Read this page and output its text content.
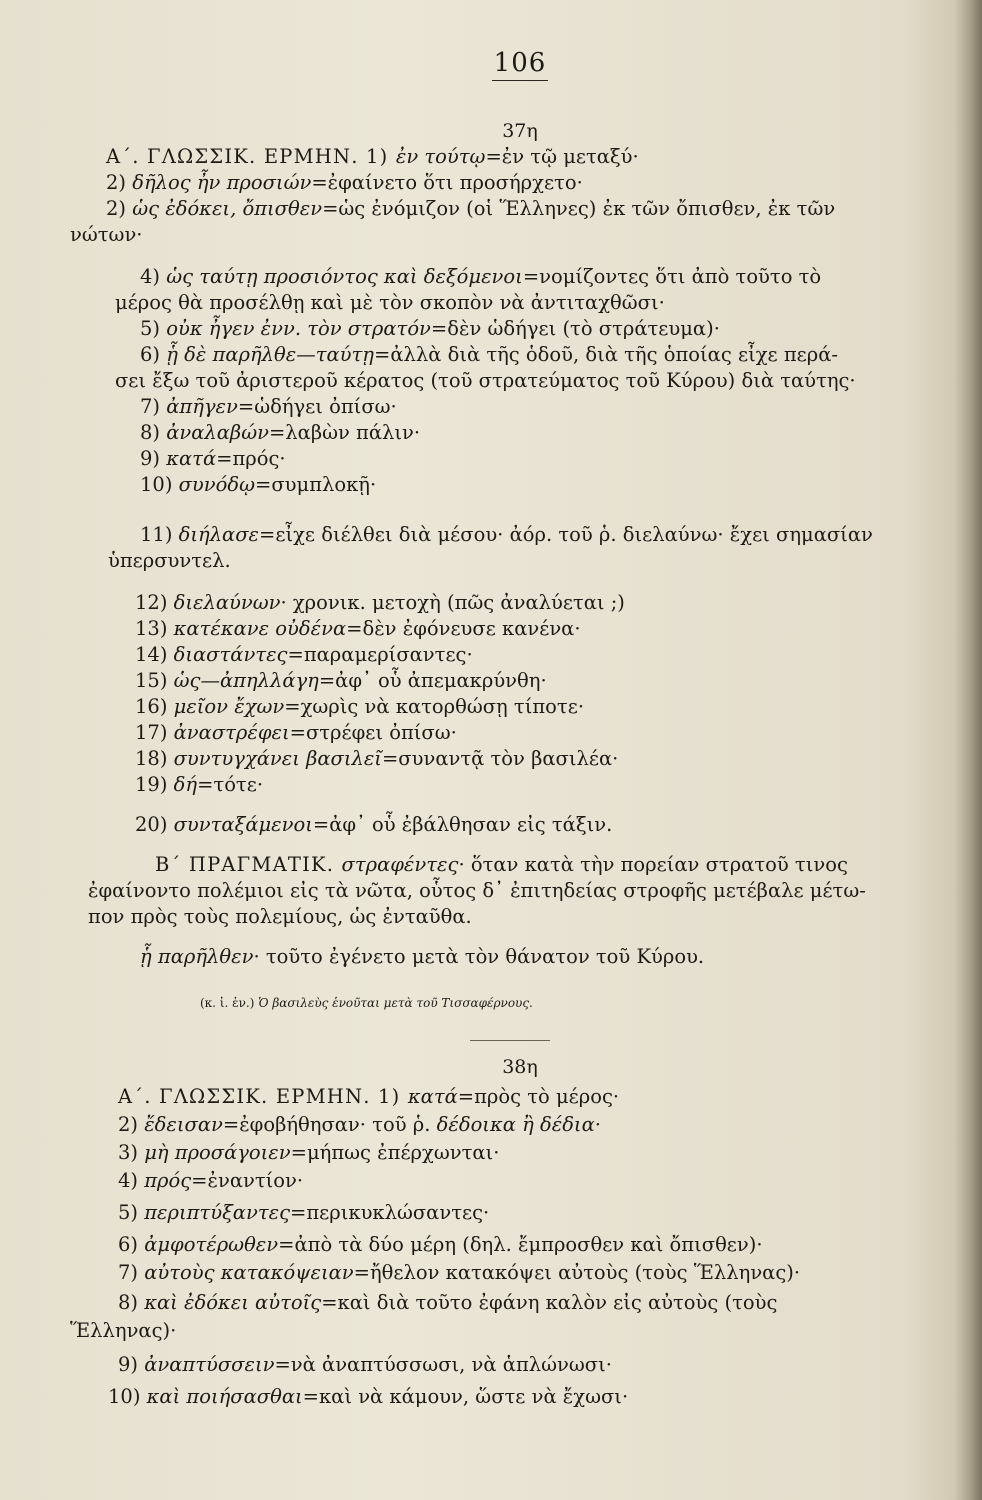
106
37η
Α΄. ΓΛΩΣΣΙΚ. ΕΡΜΗΝ. 1) ἐν τούτῳ=ἐν τῷ μεταξύ·
2) δῆλος ἦν προσιών=ἐφαίνετο ὅτι προσήρχετο·
2) ὡς ἐδόκει, ὄπισθεν=ὡς ἐνόμιζον (οἱ Ἕλληνες) ἐκ τῶν ὄπισθεν, ἐκ τῶν
νώτων·
4) ὡς ταύτῃ προσιόντος καὶ δεξόμενοι=νομίζοντες ὅτι ἀπὸ τοῦτο τὸ
μέρος θὰ προσέλθῃ καὶ μὲ τὸν σκοπὸν νὰ ἀντιταχθῶσι·
5) οὐκ ἦγεν ἐνν. τὸν στρατόν=δὲν ὡδήγει (τὸ στράτευμα)·
6) ᾗ δὲ παρῆλθε—ταύτῃ=ἀλλὰ διὰ τῆς ὁδοῦ, διὰ τῆς ὁποίας εἶχε περά-
σει ἔξω τοῦ ἀριστεροῦ κέρατος (τοῦ στρατεύματος τοῦ Κύρου) διὰ ταύτης·
7) ἀπῆγεν=ὡδήγει ὀπίσω·
8) ἀναλαβών=λαβὼν πάλιν·
9) κατά=πρός·
10) συνόδῳ=συμπλοκῇ·
11) διήλασε=εἶχε διέλθει διὰ μέσου· ἀόρ. τοῦ ῥ. διελαύνω· ἔχει σημασίαν
ὑπερσυντελ.
12) διελαύνων· χρονικ. μετοχὴ (πῶς ἀναλύεται ;)
13) κατέκανε οὐδένα=δὲν ἐφόνευσε κανένα·
14) διαστάντες=παραμερίσαντες·
15) ὡς—ἀπηλλάγη=ἀφ᾽ οὗ ἀπεμακρύνθη·
16) μεῖον ἔχων=χωρὶς νὰ κατορθώσῃ τίποτε·
17) ἀναστρέφει=στρέφει ὀπίσω·
18) συντυγχάνει βασιλεῖ=συναντᾷ τὸν βασιλέα·
19) δή=τότε·
20) συνταξάμενοι=ἀφ᾽ οὗ ἐβάλθησαν εἰς τάξιν.
Β΄ ΠΡΑΓΜΑΤΙΚ. στραφέντες· ὅταν κατὰ τὴν πορείαν στρατοῦ τινος
ἐφαίνοντο πολέμιοι εἰς τὰ νῶτα, οὗτος δ᾽ ἐπιτηδείας στροφῆς μετέβαλε μέτω-
πον πρὸς τοὺς πολεμίους, ὡς ἐνταῦθα.
ᾗ παρῆλθεν· τοῦτο ἐγένετο μετὰ τὸν θάνατον τοῦ Κύρου.
(κ. ἰ. ἐν.) Ὁ βασιλεὺς ἑνοῦται μετὰ τοῦ Τισσαφέρνους.
38η
Α΄. ΓΛΩΣΣΙΚ. ΕΡΜΗΝ. 1) κατά=πρὸς τὸ μέρος·
2) ἔδεισαν=ἐφοβήθησαν· τοῦ ῥ. δέδοικα ἢ δέδια·
3) μὴ προσάγοιεν=μήπως ἐπέρχωνται·
4) πρός=ἐναντίον·
5) περιπτύξαντες=περικυκλώσαντες·
6) ἀμφοτέρωθεν=ἀπὸ τὰ δύο μέρη (δηλ. ἔμπροσθεν καὶ ὄπισθεν)·
7) αὐτοὺς κατακόψειαν=ἤθελον κατακόψει αὐτοὺς (τοὺς Ἕλληνας)·
8) καὶ ἐδόκει αὐτοῖς=καὶ διὰ τοῦτο ἐφάνη καλὸν εἰς αὐτοὺς (τοὺς
Ἕλληνας)·
9) ἀναπτύσσειν=νὰ ἀναπτύσσωσι, νὰ ἁπλώνωσι·
10) καὶ ποιήσασθαι=καὶ νὰ κάμουν, ὥστε νὰ ἔχωσι·
